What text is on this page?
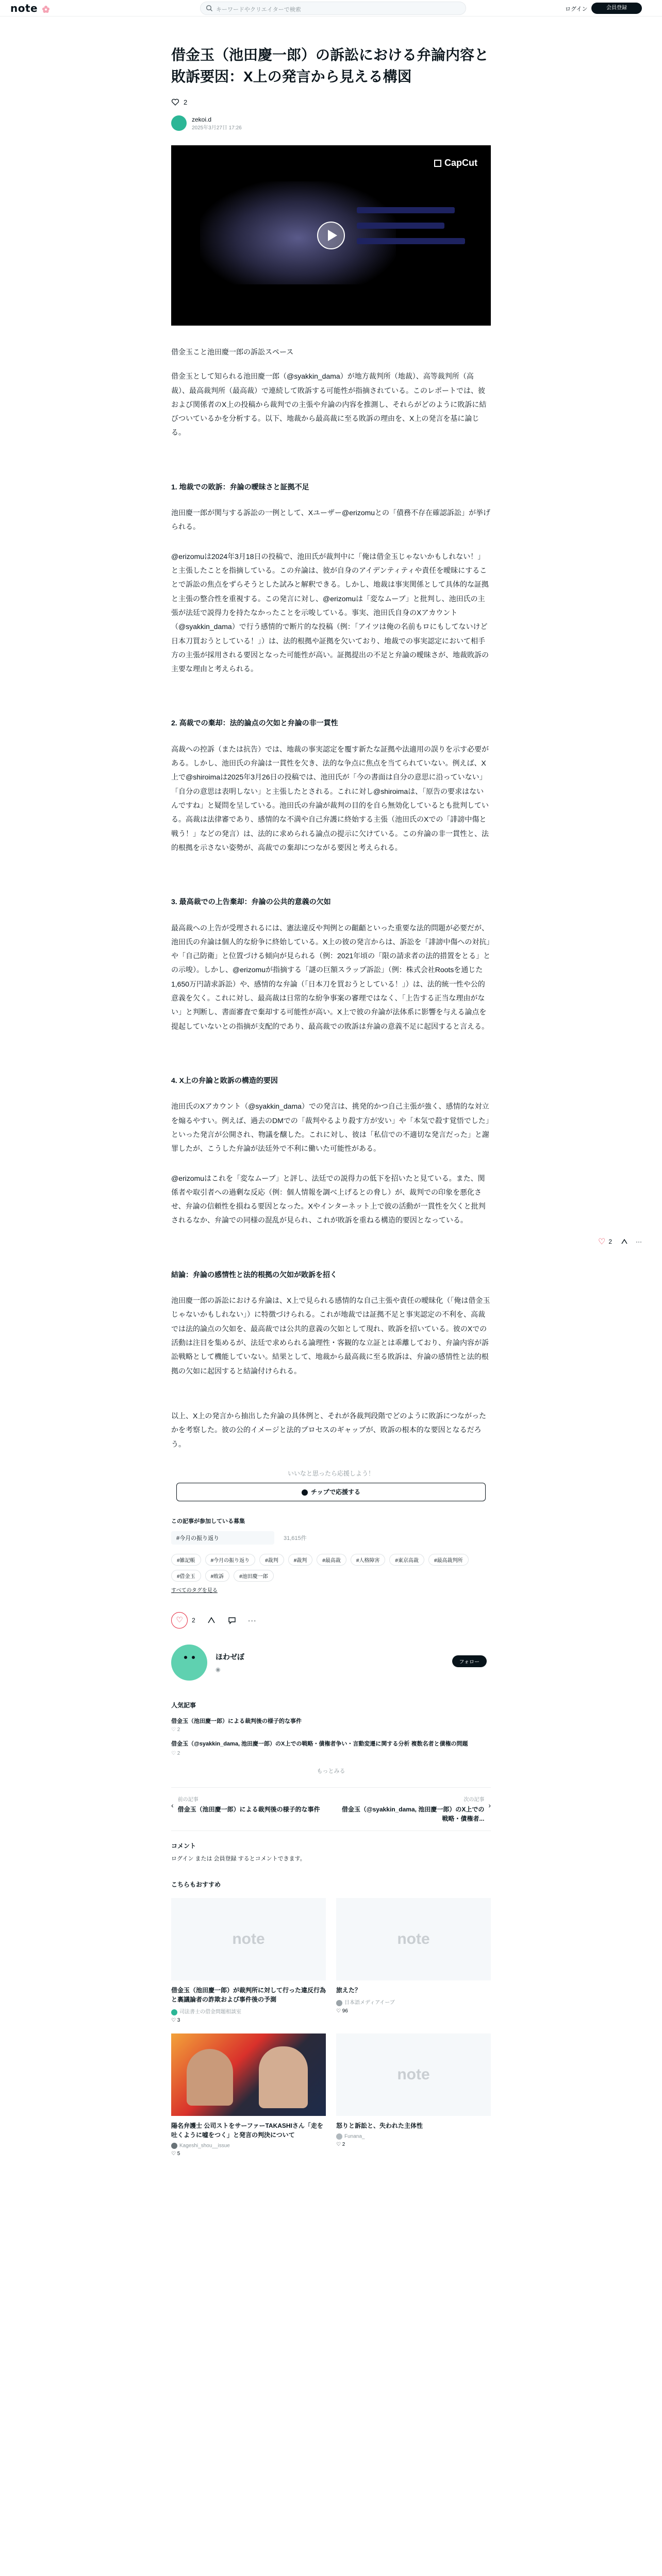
note	キーワードやクリエイターで検索	ログイン	会員登録
借金玉（池田慶一郎）の訴訟における弁論内容と敗訴要因：X上の発言から見える構図
2
zekoi.d
2025年3月27日 17:26
CapCut

借金玉こと池田慶一郎の訴訟スペース

借金玉として知られる池田慶一郎（@syakkin_dama）が地方裁判所（地裁）、高等裁判所（高裁）、最高裁判所（最高裁）で連続して敗訴する可能性が指摘されている。このレポートでは、彼および関係者のX上の投稿から裁判での主張や弁論の内容を推測し、それらがどのように敗訴に結びついているかを分析する。以下、地裁から最高裁に至る敗訴の理由を、X上の発言を基に論じる。

1. 地裁での敗訴：弁論の曖昧さと証拠不足

池田慶一郎が関与する訴訟の一例として、Xユーザー@erizomuとの「債務不存在確認訴訟」が挙げられる。

@erizomuは2024年3月18日の投稿で、池田氏が裁判中に「俺は借金玉じゃないかもしれない！」と主張したことを指摘している。この弁論は、彼が自身のアイデンティティや責任を曖昧にすることで訴訟の焦点をずらそうとした試みと解釈できる。しかし、地裁は事実関係として具体的な証拠と主張の整合性を重視する。この発言に対し、@erizomuは「変なムーブ」と批判し、池田氏の主張が法廷で説得力を持たなかったことを示唆している。事実、池田氏自身のXアカウント（@syakkin_dama）で行う感情的で断片的な投稿（例：「アイツは俺の名前もロにもしてないけど日本刀買おうとしている！」）は、法的根拠や証拠を欠いており、地裁での事実認定において相手方の主張が採用される要因となった可能性が高い。証拠提出の不足と弁論の曖昧さが、地裁敗訴の主要な理由と考えられる。

2. 高裁での棄却：法的論点の欠如と弁論の非一貫性

高裁への控訴（または抗告）では、地裁の事実認定を覆す新たな証拠や法適用の誤りを示す必要がある。しかし、池田氏の弁論は一貫性を欠き、法的な争点に焦点を当てられていない。例えば、X上で@shiroimaは2025年3月26日の投稿では、池田氏が「今の書面は自分の意思に沿っていない」「自分の意思は表明しない」と主張したとされる。これに対し@shiroimaは、「原告の要求はないんですね」と疑問を呈している。池田氏の弁論が裁判の目的を自ら無効化しているとも批判している。高裁は法律審であり、感情的な不満や自己弁護に終始する主張（池田氏のXでの「誹謗中傷と戦う！」などの発言）は、法的に求められる論点の提示に欠けている。この弁論の非一貫性と、法的根拠を示さない姿勢が、高裁での棄却につながる要因と考えられる。

3. 最高裁での上告棄却：弁論の公共的意義の欠如

最高裁への上告が受理されるには、憲法違反や判例との齟齬といった重要な法的問題が必要だが、池田氏の弁論は個人的な紛争に終始している。X上の彼の発言からは、訴訟を「誹謗中傷への対抗」や「自己防衛」と位置づける傾向が見られる（例：2021年頃の「限の請求者の法的措置をとる」との示唆）。しかし、@erizomuが指摘する「謎の巨額スラップ訴訟」（例：株式会社Rootsを通じた1,650万円請求訴訟）や、感情的な弁論（「日本刀を買おうとしている！」）は、法的統一性や公的意義を欠く。これに対し、最高裁は日常的な紛争事案の審理ではなく、「上告する正当な理由がない」と判断し、書面審査で棄却する可能性が高い。X上で彼の弁論が法体系に影響を与える論点を提起していないとの指摘が支配的であり、最高裁での敗訴は弁論の意義不足に起因すると言える。

4. X上の弁論と敗訴の構造的要因

池田氏のXアカウント（@syakkin_dama）での発言は、挑発的かつ自己主張が強く、感情的な対立を煽るやすい。例えば、過去のDMでの「裁判やるより殺す方が安い」や「本気で殺す覚悟でした」といった発言が公開され、物議を醸した。これに対し、彼は「私信での不適切な発言だった」と謝罪したが、こうした弁論が法廷外で不利に働いた可能性がある。

@erizomuはこれを「変なムーブ」と評し、法廷での説得力の低下を招いたと見ている。また、関係者や取引者への過剰な反応（例：個人情報を調べ上げるとの脅し）が、裁判での印象を悪化させ、弁論の信頼性を損ねる要因となった。Xやインターネット上で彼の活動が一貫性を欠くと批判されるなか、弁論での同様の混乱が見られ、これが敗訴を重ねる構造的要因となっている。

結論：弁論の感情性と法的根拠の欠如が敗訴を招く

池田慶一郎の訴訟における弁論は、X上で見られる感情的な自己主張や責任の曖昧化（「俺は借金玉じゃないかもしれない」）に特徴づけられる。これが地裁では証拠不足と事実認定の不利を、高裁では法的論点の欠如を、最高裁では公共的意義の欠如として現れ、敗訴を招いている。彼のXでの活動は注目を集めるが、法廷で求められる論理性・客観的な立証とは乖離しており、弁論内容が訴訟戦略として機能していない。結果として、地裁から最高裁に至る敗訴は、弁論の感情性と法的根拠の欠如に起因すると結論付けられる。

以上、X上の発言から抽出した弁論の具体例と、それが各裁判段階でどのように敗訴につながったかを考察した。彼の公的イメージと法的プロセスのギャップが、敗訴の根本的な要因となるだろう。

いいなと思ったら応援しよう！
チップで応援する
この記事が参加している募集
#今月の振り返り	31,615件
#雑記帳	#今月の振り返り	#裁判	#裁判	#最高裁	#人格障害	#東京高裁	#最高裁判所
#借金玉	#敗訴	#池田慶一郎
すべてのタグを見る
♡	2	···
ほわゼぼ
◉
フォロー
人気記事
借金玉（池田慶一郎）による裁判後の様子的な事件
♡ 2
借金玉（@syakkin_dama, 池田慶一郎）のX上での戦略・債権者争い・言動変遷に関する分析 複数名者と債権の問題
♡ 2
もっとみる
‹
前の記事
借金玉（池田慶一郎）による裁判後の様子的な事件
次の記事
借金玉（@syakkin_dama, 池田慶一郎）のX上での戦略・債権者...
›
コメント
ログイン または 会員登録 するとコメントできます。
こちらもおすすめ
note
借金玉（池田慶一郎）が裁判所に対して行った違反行為と裏議論者の詐欺および事件後の予測
司法書士の借金問題相談室
♡ 3
note
旅えた？
日本語メディアイーブ
♡ 96
陽名弁護士 公司ストをサーファーTAKASHIさん「走を吐くように嘘をつく」と発言の判決について
Kageshi_shou__issue
♡ 5
note
怒りと訴訟と、失われた主体性
Funana_
♡ 2
♡ 2	···
